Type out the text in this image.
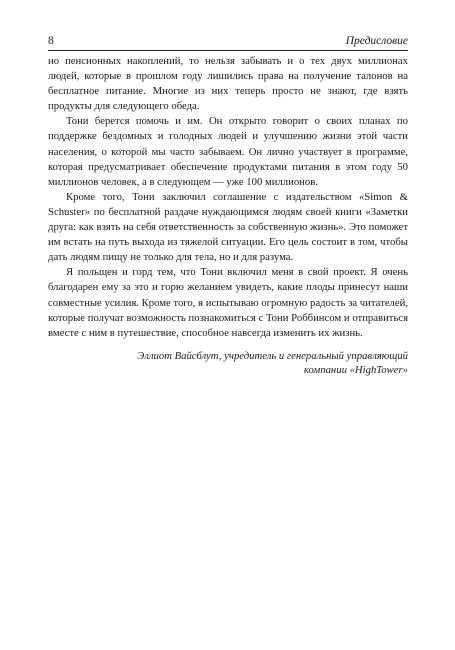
8	Предисловие

но пенсионных накоплений, то нельзя забывать и о тех двух миллионах людей, которые в прошлом году лишились права на получение талонов на бесплатное питание. Многие из них теперь просто не знают, где взять продукты для следующего обеда.

Тони берется помочь и им. Он открыто говорит о своих планах по поддержке бездомных и голодных людей и улучшению жизни этой части населения, о которой мы часто забываем. Он лично участвует в программе, которая предусматривает обеспечение продуктами питания в этом году 50 миллионов человек, а в следующем — уже 100 миллионов.

Кроме того, Тони заключил соглашение с издательством «Simon & Schuster» по бесплатной раздаче нуждающимся людям своей книги «Заметки друга: как взять на себя ответственность за собственную жизнь». Это поможет им встать на путь выхода из тяжелой ситуации. Его цель состоит в том, чтобы дать людям пищу не только для тела, но и для разума.

Я польщен и горд тем, что Тони включил меня в свой проект. Я очень благодарен ему за это и горю желанием увидеть, какие плоды принесут наши совместные усилия. Кроме того, я испытываю огромную радость за читателей, которые получат возможность познакомиться с Тони Роббинсом и отправиться вместе с ним в путешествие, способное навсегда изменить их жизнь.

Эллиот Вайсблут, учредитель и генеральный управляющий
компании «HighTower»
